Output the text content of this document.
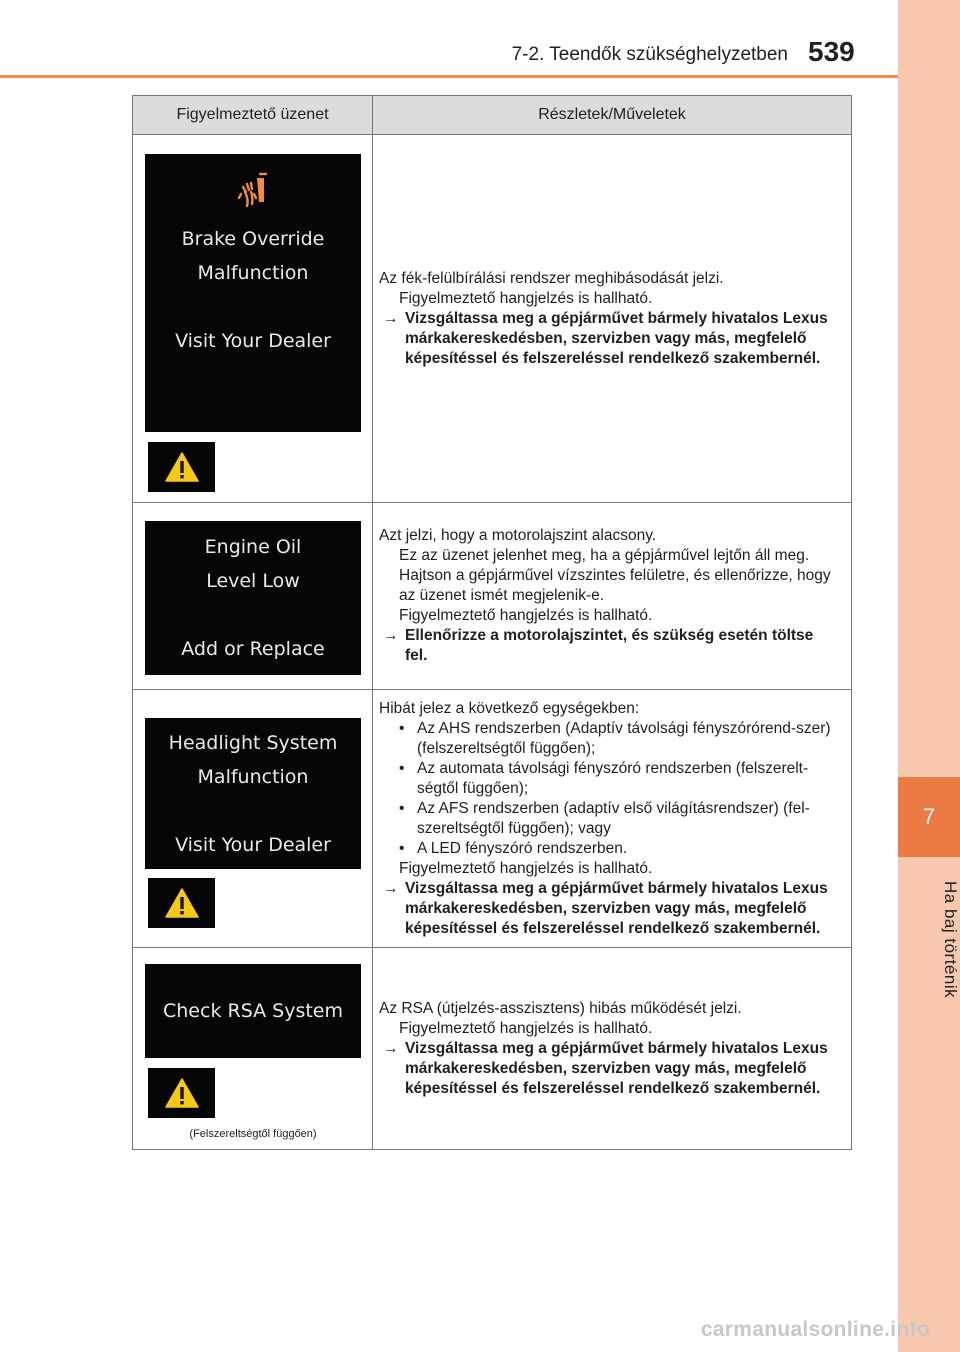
7-2. Teendők szükséghelyzetben 539
7
Ha baj történik
Figyelmeztető üzenet	Részletek/Műveletek
Brake Override
Malfunction
Visit Your Dealer

Az fék-felülbírálási rendszer meghibásodását jelzi.

Figyelmeztető hangjelzés is hallható.

→ Vizsgáltassa meg a gépjárművet bármely hivatalos Lexus márkakereskedésben, szervizben vagy más, megfelelő képesítéssel és felszereléssel rendelkező szakembernél.
Engine Oil
Level Low
Add or Replace

Azt jelzi, hogy a motorolajszint alacsony.

Ez az üzenet jelenhet meg, ha a gépjárművel lejtőn áll meg. Hajtson a gépjárművel vízszintes felületre, és ellenőrizze, hogy az üzenet ismét megjelenik-e.

Figyelmeztető hangjelzés is hallható.

→ Ellenőrizze a motorolajszintet, és szükség esetén töltse fel.
Headlight System
Malfunction
Visit Your Dealer

Hibát jelez a következő egységekben:

• Az AHS rendszerben (Adaptív távolsági fényszórórend-szer) (felszereltségtől függően);
• Az automata távolsági fényszóró rendszerben (felszerelt-ségtől függően);
• Az AFS rendszerben (adaptív első világításrendszer) (fel-szereltségtől függően); vagy
• A LED fényszóró rendszerben.

Figyelmeztető hangjelzés is hallható.

→ Vizsgáltassa meg a gépjárművet bármely hivatalos Lexus márkakereskedésben, szervizben vagy más, megfelelő képesítéssel és felszereléssel rendelkező szakembernél.
Check RSA System
(Felszereltségtől függően)

Az RSA (útjelzés-asszisztens) hibás működését jelzi.

Figyelmeztető hangjelzés is hallható.

→ Vizsgáltassa meg a gépjárművet bármely hivatalos Lexus márkakereskedésben, szervizben vagy más, megfelelő képesítéssel és felszereléssel rendelkező szakembernél.
carmanualsonline.info
